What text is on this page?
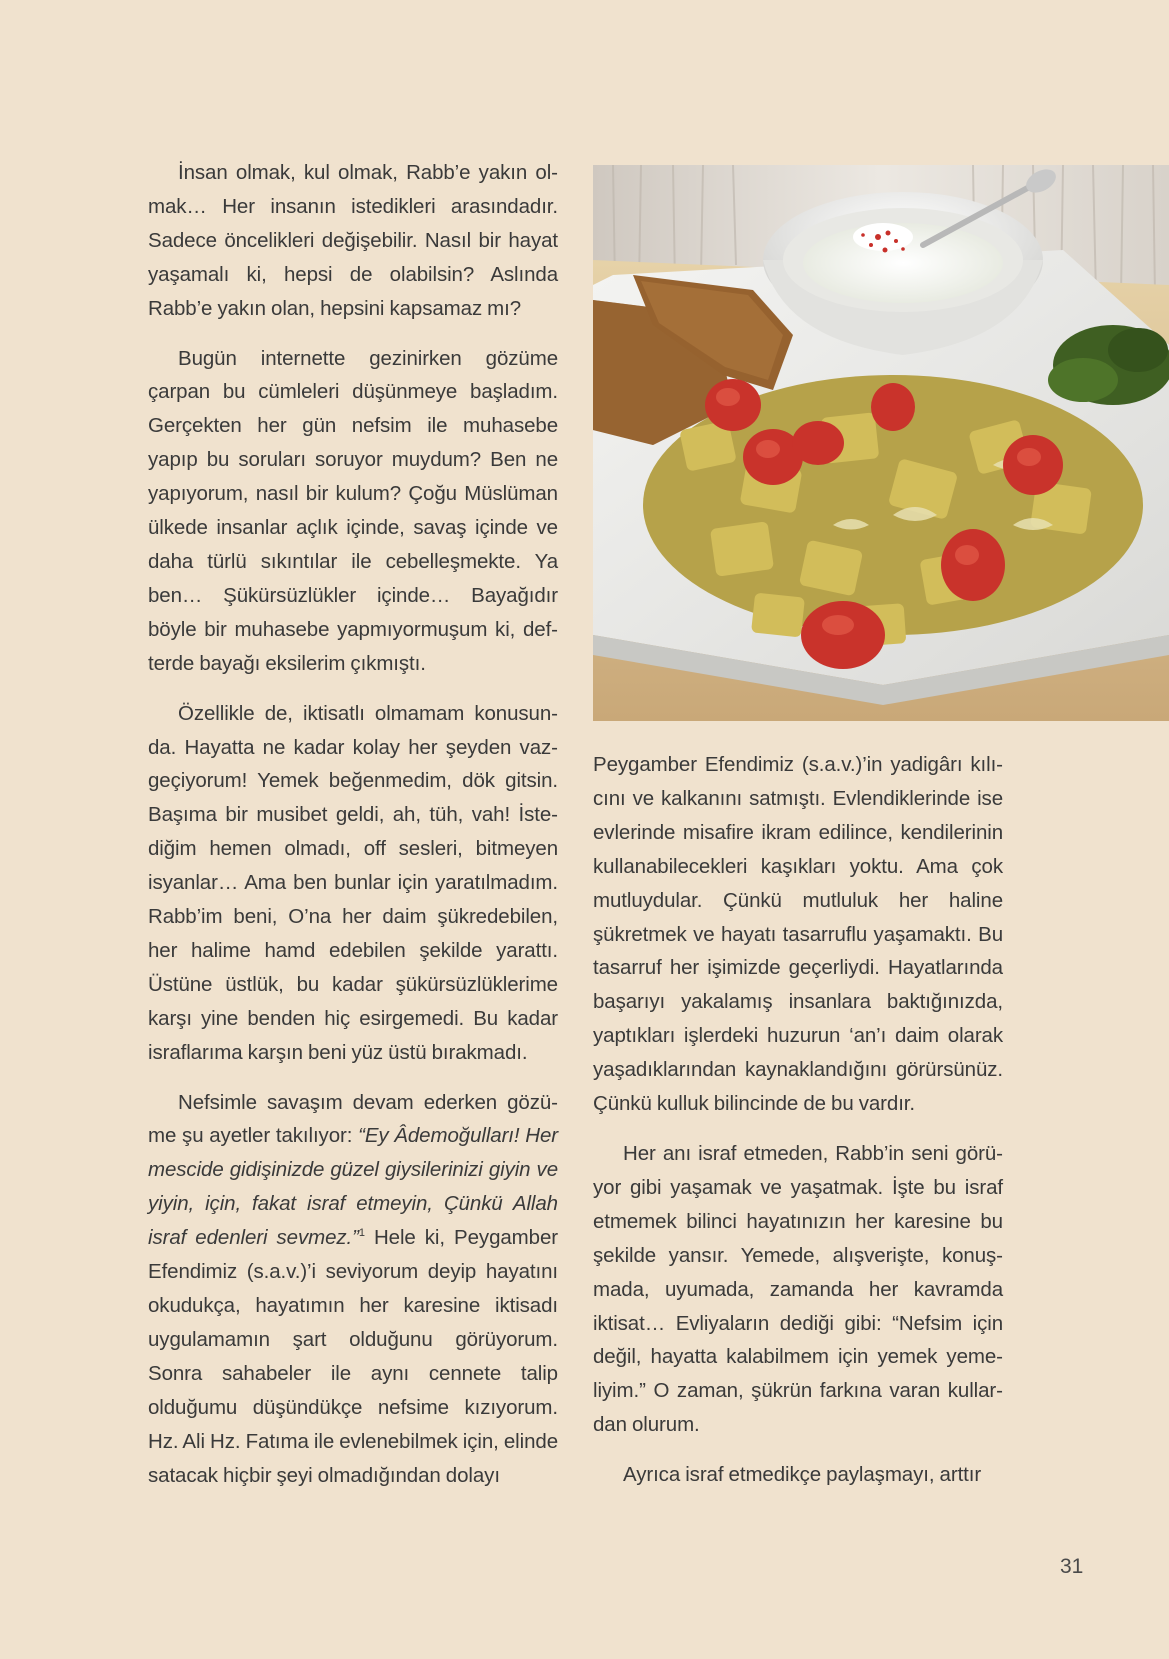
İnsan olmak, kul olmak, Rabb’e yakın olmak… Her insanın istedikleri arasındadır. Sadece öncelikleri değişebilir. Nasıl bir hayat yaşamalı ki, hepsi de olabilsin? Aslında Rabb’e yakın olan, hepsini kapsamaz mı?

Bugün internette gezinirken gözüme çarpan bu cümleleri düşünmeye başladım. Gerçekten her gün nefsim ile muhasebe yapıp bu soruları soruyor muydum? Ben ne yapıyorum, nasıl bir kulum? Çoğu Müslüman ülkede insanlar açlık içinde, savaş içinde ve daha türlü sıkıntılar ile cebelleşmekte. Ya ben… Şükürsüzlükler içinde… Bayağıdır böyle bir muhasebe yapmıyormuşum ki, defterde bayağı eksilerim çıkmıştı.

Özellikle de, iktisatlı olmamam konusunda. Hayatta ne kadar kolay her şeyden vazgeçiyorum! Yemek beğenmedim, dök gitsin. Başıma bir musibet geldi, ah, tüh, vah! İstediğim hemen olmadı, off sesleri, bitmeyen isyanlar… Ama ben bunlar için yaratılmadım. Rabb’im beni, O’na her daim şükredebilen, her halime hamd edebilen şekilde yarattı. Üstüne üstlük, bu kadar şükürsüzlüklerime karşı yine benden hiç esirgemedi. Bu kadar israflarıma karşın beni yüz üstü bırakmadı.

Nefsimle savaşım devam ederken gözüme şu ayetler takılıyor: “Ey Âdemoğulları! Her mescide gidişinizde güzel giysilerinizi giyin ve yiyin, için, fakat israf etmeyin, Çünkü Allah israf edenleri sevmez.”$^1$ Hele ki, Peygamber Efendimiz (s.a.v.)’i seviyorum deyip hayatını okudukça, hayatımın her karesine iktisadı uygulamamın şart olduğunu görüyorum. Sonra sahabeler ile aynı cennete talip olduğumu düşündükçe nefsime kızıyorum. Hz. Ali Hz. Fatıma ile evlenebilmek için, elinde satacak hiçbir şeyi olmadığından dolayı

Peygamber Efendimiz (s.a.v.)’in yadigârı kılıcını ve kalkanını satmıştı. Evlendiklerinde ise evlerinde misafire ikram edilince, kendilerinin kullanabilecekleri kaşıkları yoktu. Ama çok mutluydular. Çünkü mutluluk her haline şükretmek ve hayatı tasarruflu yaşamaktı. Bu tasarruf her işimizde geçerliydi. Hayatlarında başarıyı yakalamış insanlara baktığınızda, yaptıkları işlerdeki huzurun ‘an’ı daim olarak yaşadıklarından kaynaklandığını görürsünüz. Çünkü kulluk bilincinde de bu vardır.

Her anı israf etmeden, Rabb’in seni görüyor gibi yaşamak ve yaşatmak. İşte bu israf etmemek bilinci hayatınızın her karesine bu şekilde yansır. Yemede, alışverişte, konuşmada, uyumada, zamanda her kavramda iktisat… Evliyaların dediği gibi: “Nefsim için değil, hayatta kalabilmem için yemek yemeliyim.” O zaman, şükrün farkına varan kullardan olurum.

Ayrıca israf etmedikçe paylaşmayı, arttır

31
